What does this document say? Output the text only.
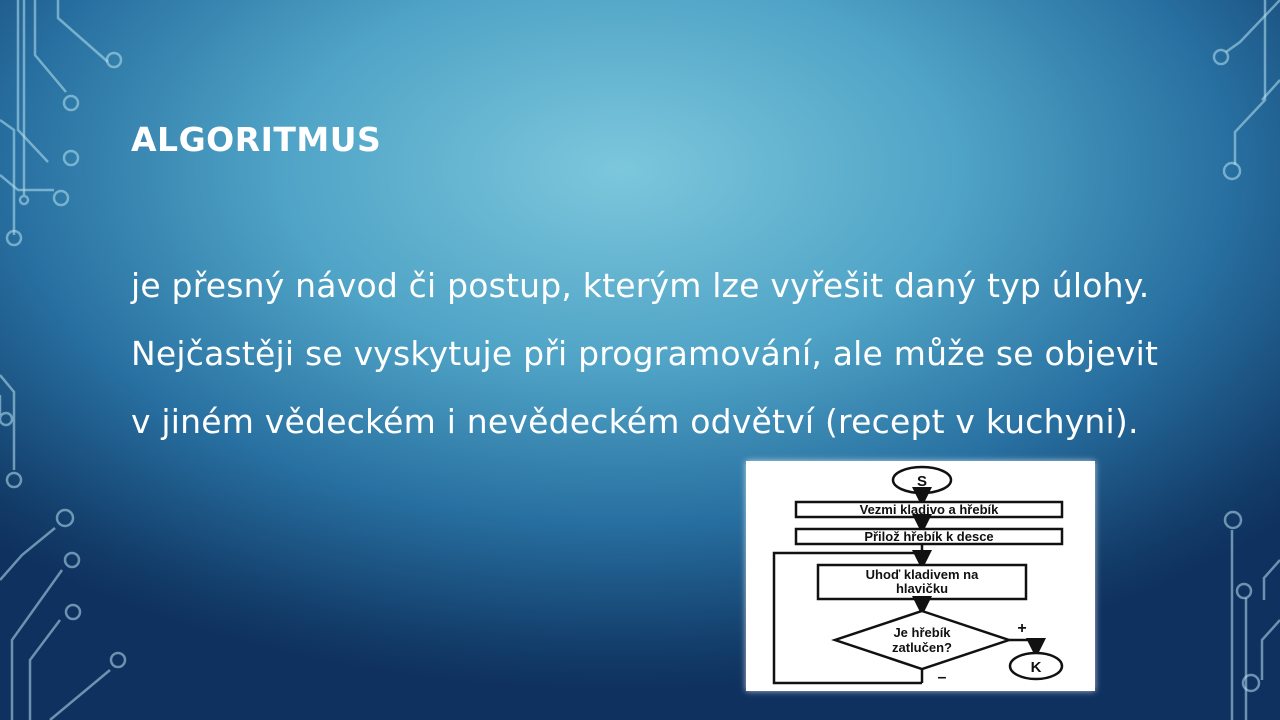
ALGORITMUS

je přesný návod či postup, kterým lze vyřešit daný typ úlohy. Nejčastěji se vyskytuje při programování, ale může se objevit v jiném vědeckém i nevědeckém odvětví (recept v kuchyni).

S
Vezmi kladivo a hřebík
Přilož hřebík k desce
Uhoď kladivem na
hlavičku
Je hřebík
zatlučen?
+
–
K
